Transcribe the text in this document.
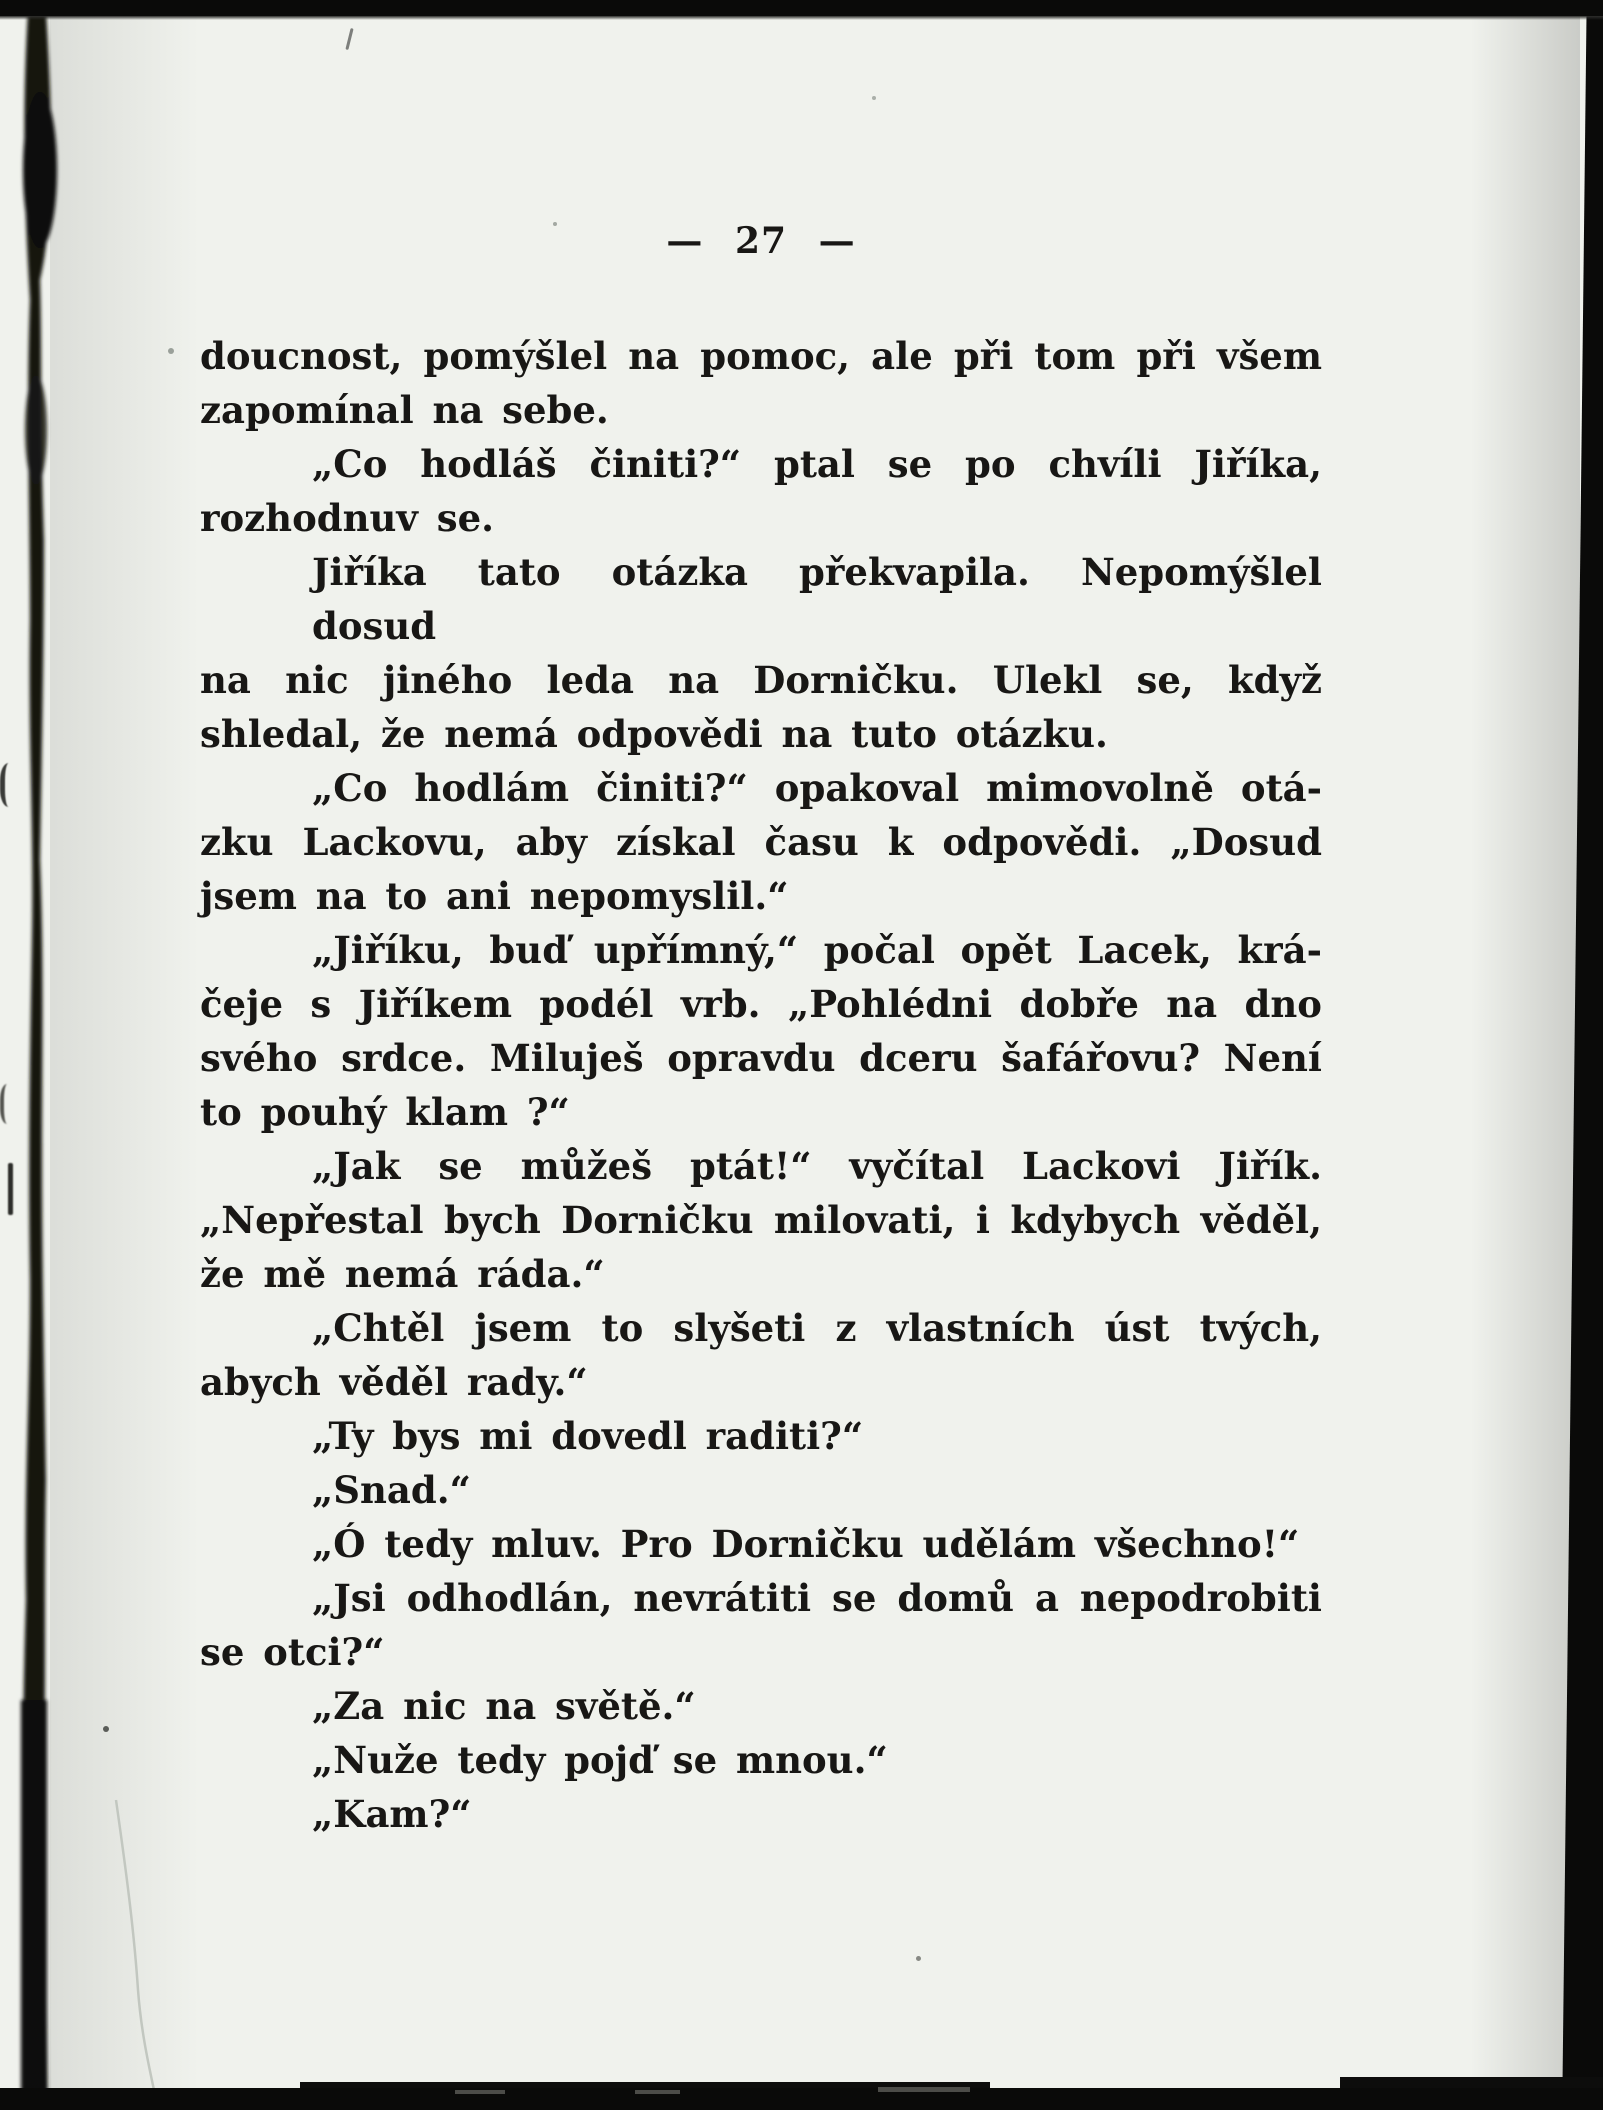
— 27 —
doucnost, pomýšlel na pomoc, ale při tom při všem
zapomínal na sebe.
„Co hodláš činiti?“ ptal se po chvíli Jiříka,
rozhodnuv se.
Jiříka tato otázka překvapila. Nepomýšlel dosud
na nic jiného leda na Dorničku. Ulekl se, když
shledal, že nemá odpovědi na tuto otázku.
„Co hodlám činiti?“ opakoval mimovolně otá-
zku Lackovu, aby získal času k odpovědi. „Dosud
jsem na to ani nepomyslil.“
„Jiříku, buď upřímný,“ počal opět Lacek, krá-
čeje s Jiříkem podél vrb. „Pohlédni dobře na dno
svého srdce. Miluješ opravdu dceru šafářovu? Není
to pouhý klam ?“
„Jak se můžeš ptát!“ vyčítal Lackovi Jiřík.
„Nepřestal bych Dorničku milovati, i kdybych věděl,
že mě nemá ráda.“
„Chtěl jsem to slyšeti z vlastních úst tvých,
abych věděl rady.“
„Ty bys mi dovedl raditi?“
„Snad.“
„Ó tedy mluv. Pro Dorničku udělám všechno!“
„Jsi odhodlán, nevrátiti se domů a nepodrobiti
se otci?“
„Za nic na světě.“
„Nuže tedy pojď se mnou.“
„Kam?“
